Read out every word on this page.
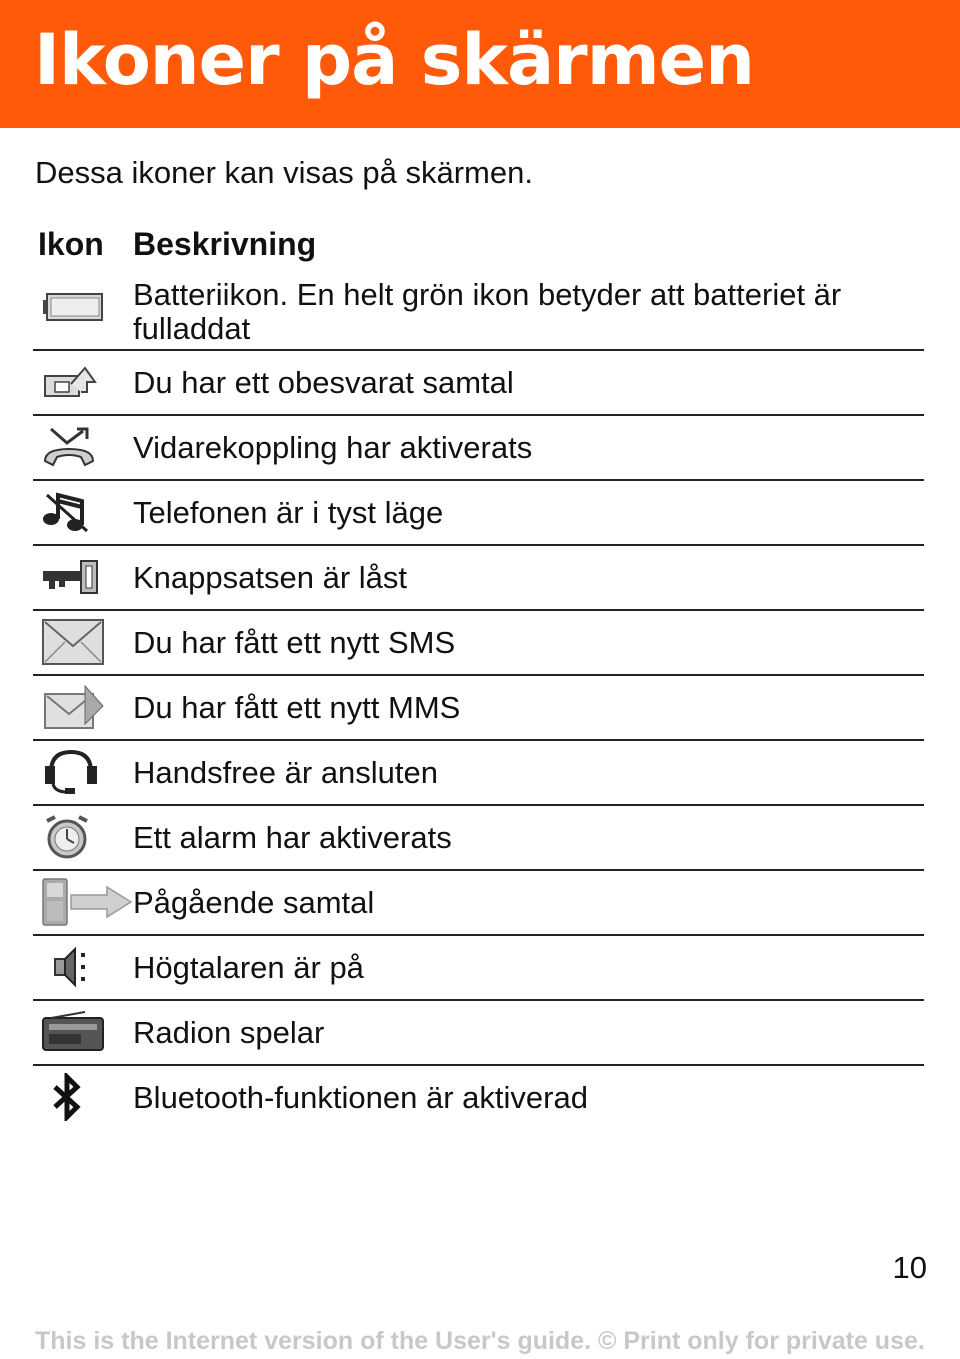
Ikoner på skärmen

Dessa ikoner kan visas på skärmen.

Ikon Beskrivning
Batteriikon. En helt grön ikon betyder att batteriet är fulladdat
Du har ett obesvarat samtal
Vidarekoppling har aktiverats
Telefonen är i tyst läge
Knappsatsen är låst
Du har fått ett nytt SMS
Du har fått ett nytt MMS
Handsfree är ansluten
Ett alarm har aktiverats
Pågående samtal
Högtalaren är på
Radion spelar
Bluetooth-funktionen är aktiverad
10
This is the Internet version of the User's guide. © Print only for private use.
